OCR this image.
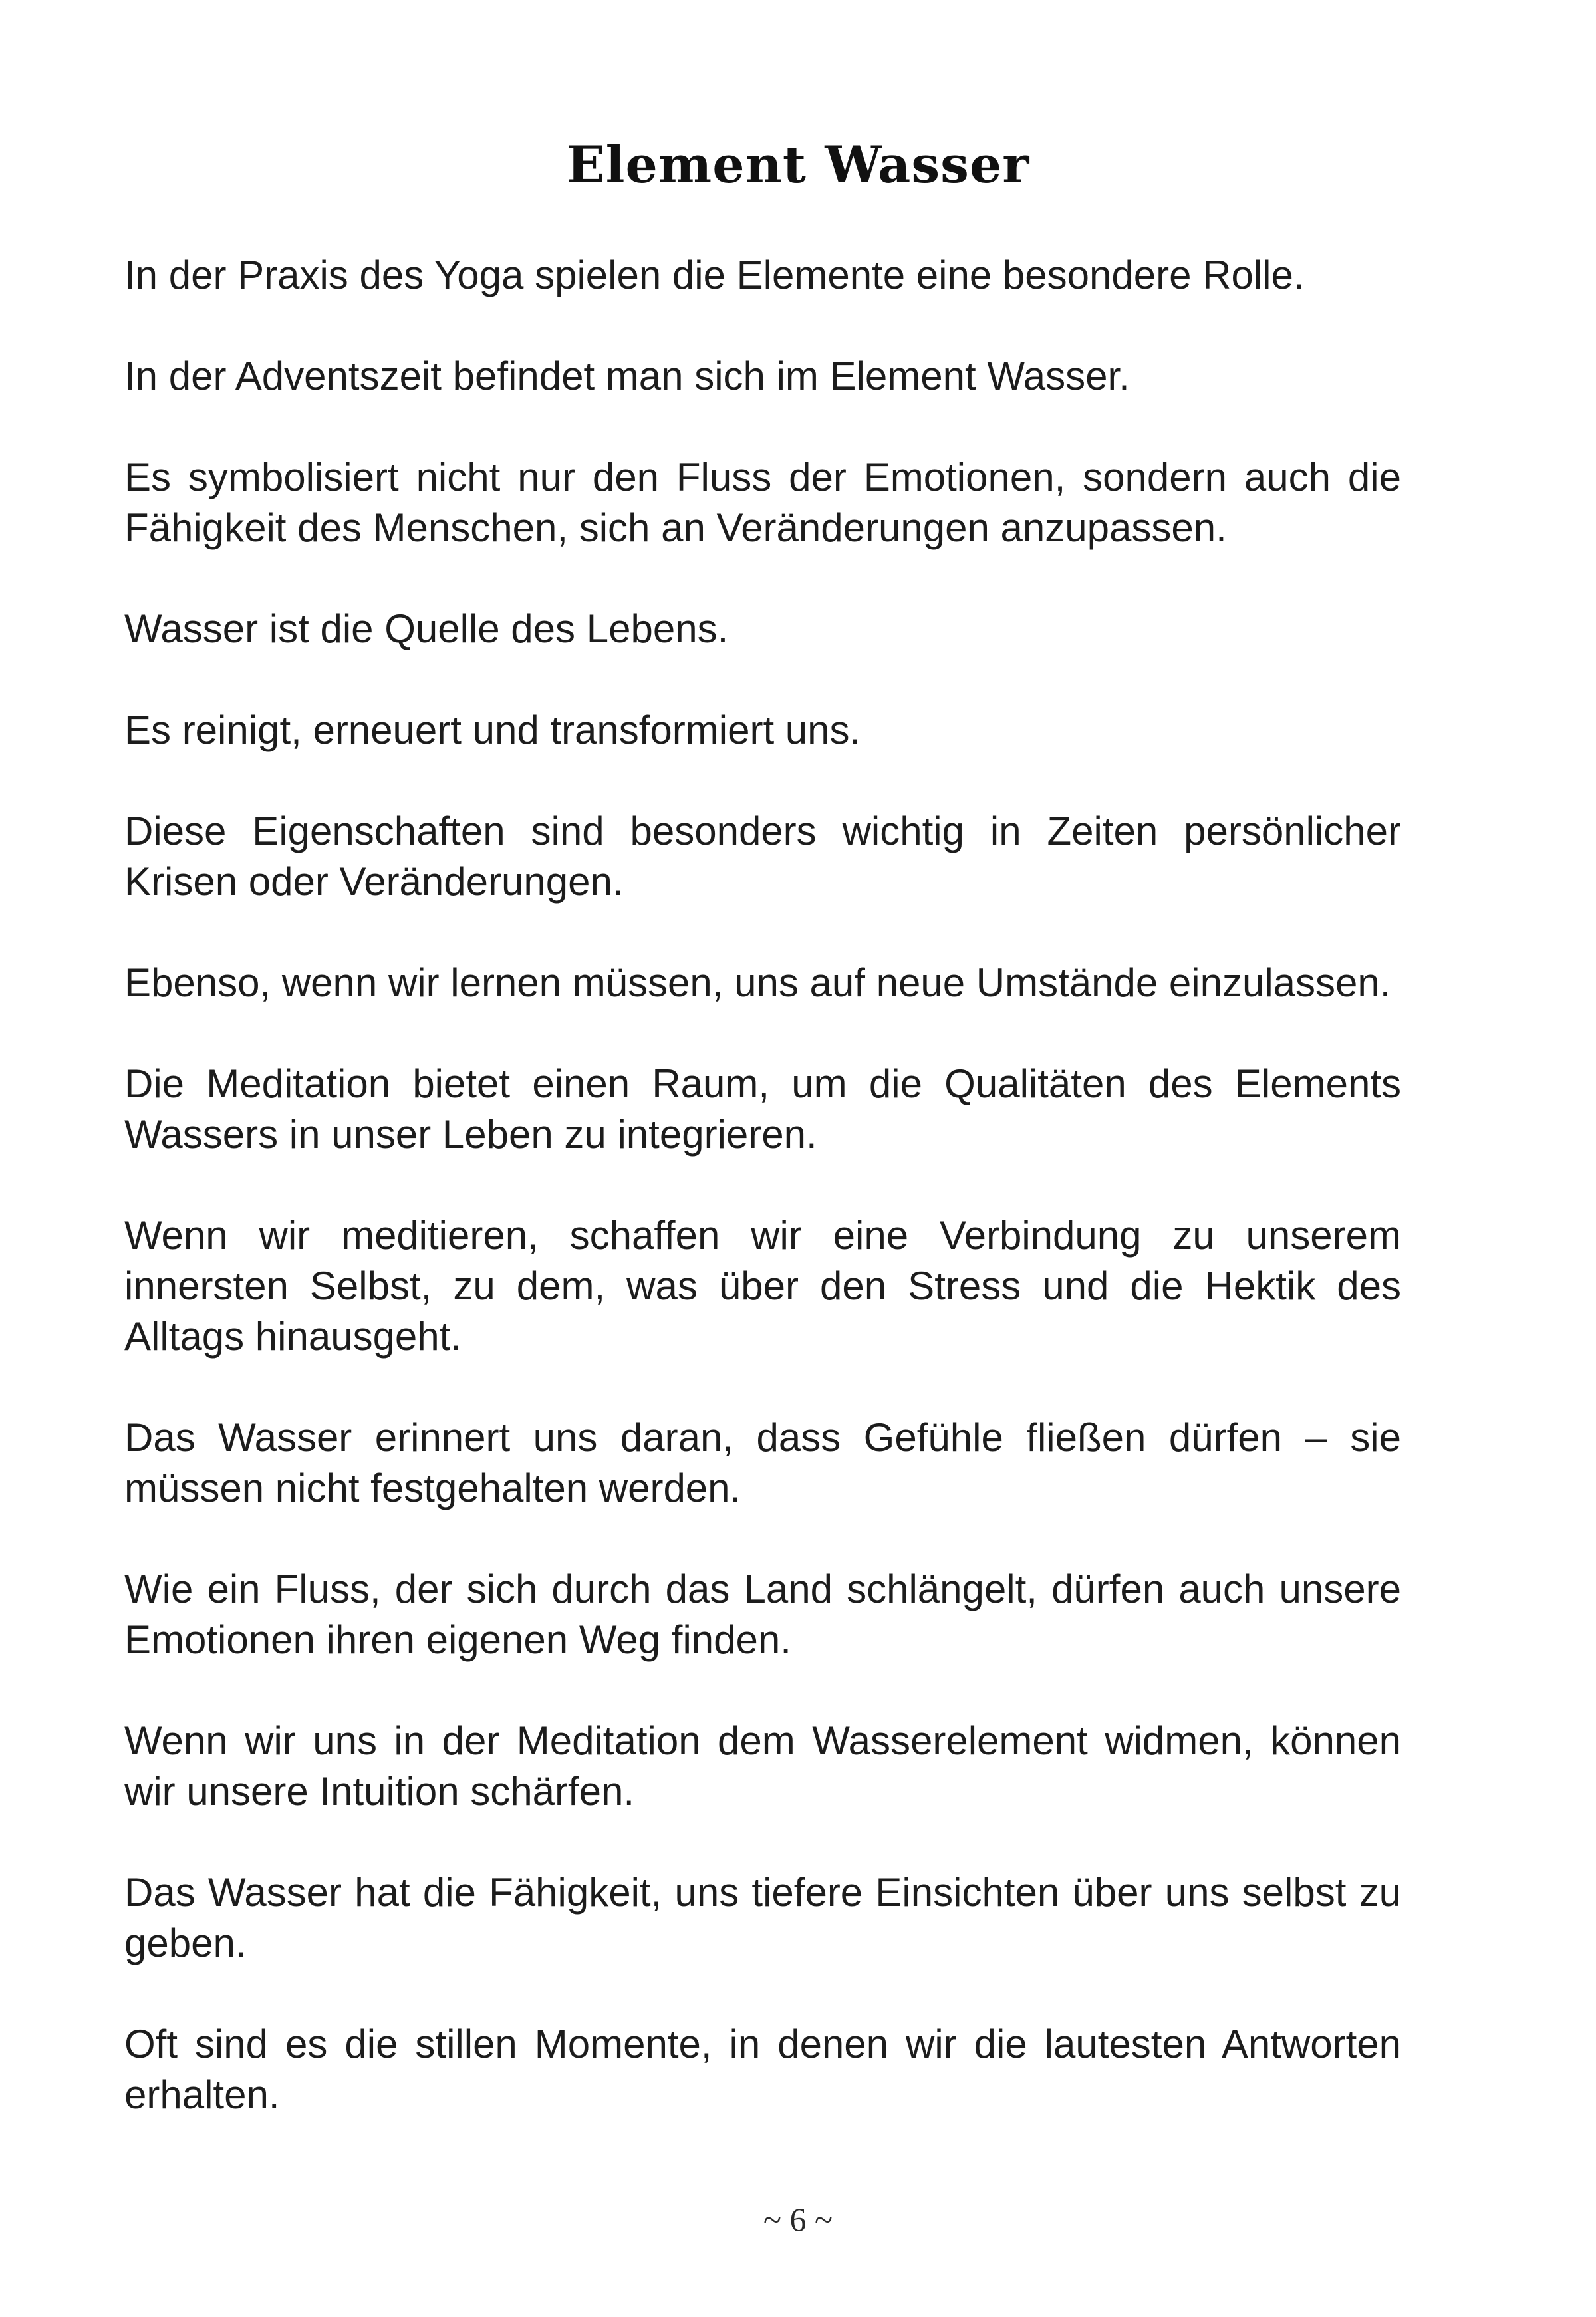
Element Wasser

In der Praxis des Yoga spielen die Elemente eine besondere Rolle.

In der Adventszeit befindet man sich im Element Wasser.

Es symbolisiert nicht nur den Fluss der Emotionen, sondern auch die Fähigkeit des Menschen, sich an Veränderungen anzupassen.

Wasser ist die Quelle des Lebens.

Es reinigt, erneuert und transformiert uns.

Diese Eigenschaften sind besonders wichtig in Zeiten persönlicher Krisen oder Veränderungen.

Ebenso, wenn wir lernen müssen, uns auf neue Umstände einzulassen.

Die Meditation bietet einen Raum, um die Qualitäten des Elements Wassers in unser Leben zu integrieren.

Wenn wir meditieren, schaffen wir eine Verbindung zu unserem innersten Selbst, zu dem, was über den Stress und die Hektik des Alltags hinausgeht.

Das Wasser erinnert uns daran, dass Gefühle fließen dürfen – sie müssen nicht festgehalten werden.

Wie ein Fluss, der sich durch das Land schlängelt, dürfen auch unsere Emotionen ihren eigenen Weg finden.

Wenn wir uns in der Meditation dem Wasserelement widmen, können wir unsere Intuition schärfen.

Das Wasser hat die Fähigkeit, uns tiefere Einsichten über uns selbst zu geben.

Oft sind es die stillen Momente, in denen wir die lautesten Antworten erhalten.

~ 6 ~
